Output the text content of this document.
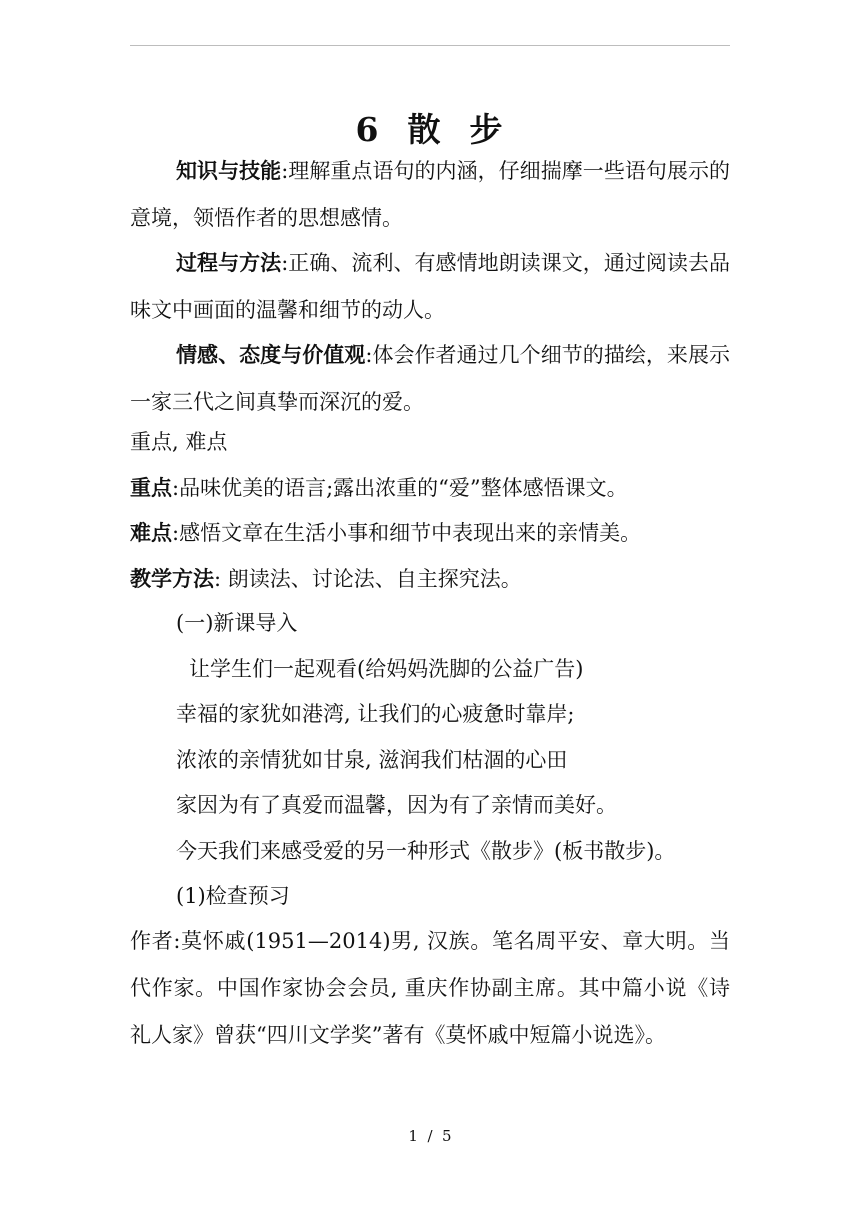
6  散  步

知识与技能:理解重点语句的内涵，仔细揣摩一些语句展示的意境，领悟作者的思想感情。

过程与方法:正确、流利、有感情地朗读课文，通过阅读去品味文中画面的温馨和细节的动人。

情感、态度与价值观:体会作者通过几个细节的描绘，来展示一家三代之间真挚而深沉的爱。

重点, 难点
重点:品味优美的语言;露出浓重的“爱”整体感悟课文。
难点:感悟文章在生活小事和细节中表现出来的亲情美。
教学方法: 朗读法、讨论法、自主探究法。
(一)新课导入
让学生们一起观看(给妈妈洗脚的公益广告)
幸福的家犹如港湾, 让我们的心疲惫时靠岸;
浓浓的亲情犹如甘泉, 滋润我们枯涸的心田
家因为有了真爱而温馨，因为有了亲情而美好。
今天我们来感受爱的另一种形式《散步》(板书散步)。
(1)检查预习

作者:莫怀戚(1951—2014)男, 汉族。笔名周平安、章大明。当代作家。中国作家协会会员, 重庆作协副主席。其中篇小说《诗礼人家》曾获“四川文学奖”著有《莫怀戚中短篇小说选》。

1  /  5
